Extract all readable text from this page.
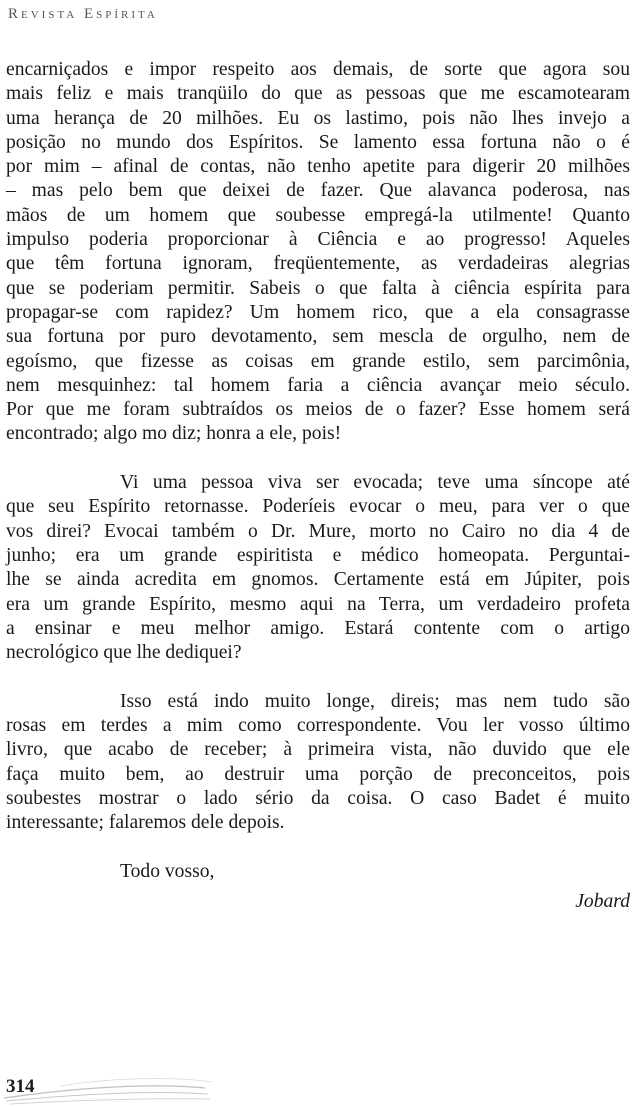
Revista Espírita

encarniçados e impor respeito aos demais, de sorte que agora sou
mais feliz e mais tranqüilo do que as pessoas que me escamotearam
uma herança de 20 milhões. Eu os lastimo, pois não lhes invejo a
posição no mundo dos Espíritos. Se lamento essa fortuna não o é
por mim – afinal de contas, não tenho apetite para digerir 20 milhões
– mas pelo bem que deixei de fazer. Que alavanca poderosa, nas
mãos de um homem que soubesse empregá-la utilmente! Quanto
impulso poderia proporcionar à Ciência e ao progresso! Aqueles
que têm fortuna ignoram, freqüentemente, as verdadeiras alegrias
que se poderiam permitir. Sabeis o que falta à ciência espírita para
propagar-se com rapidez? Um homem rico, que a ela consagrasse
sua fortuna por puro devotamento, sem mescla de orgulho, nem de
egoísmo, que fizesse as coisas em grande estilo, sem parcimônia,
nem mesquinhez: tal homem faria a ciência avançar meio século.
Por que me foram subtraídos os meios de o fazer? Esse homem será
encontrado; algo mo diz; honra a ele, pois!

Vi uma pessoa viva ser evocada; teve uma síncope até
que seu Espírito retornasse. Poderíeis evocar o meu, para ver o que
vos direi? Evocai também o Dr. Mure, morto no Cairo no dia 4 de
junho; era um grande espiritista e médico homeopata. Perguntai-
lhe se ainda acredita em gnomos. Certamente está em Júpiter, pois
era um grande Espírito, mesmo aqui na Terra, um verdadeiro profeta
a ensinar e meu melhor amigo. Estará contente com o artigo
necrológico que lhe dediquei?

Isso está indo muito longe, direis; mas nem tudo são
rosas em terdes a mim como correspondente. Vou ler vosso último
livro, que acabo de receber; à primeira vista, não duvido que ele
faça muito bem, ao destruir uma porção de preconceitos, pois
soubestes mostrar o lado sério da coisa. O caso Badet é muito
interessante; falaremos dele depois.

Todo vosso,
Jobard
314
